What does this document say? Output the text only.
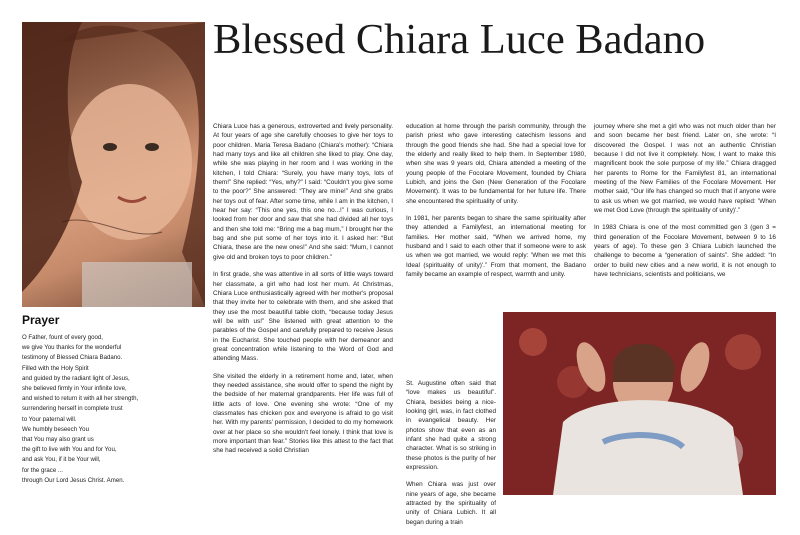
Prayer
O Father, fount of every good,
we give You thanks for the wonderful
testimony of Blessed Chiara Badano.
Filled with the Holy Spirit
and guided by the radiant light of Jesus,
she believed firmly in Your infinite love,
and wished to return it with all her strength,
surrendering herself in complete trust
to Your paternal will.
We humbly beseech You
that You may also grant us
the gift to live with You and for You,
and ask You, if it be Your will,
for the grace ...
through Our Lord Jesus Christ. Amen.
Blessed Chiara Luce Badano

Chiara Luce has a generous, extroverted and lively personality. At four years of age she carefully chooses to give her toys to poor children. Maria Teresa Badano (Chiara's mother): “Chiara had many toys and like all children she liked to play. One day, while she was playing in her room and I was working in the kitchen, I told Chiara: “Surely, you have many toys, lots of them!” She replied: “Yes, why?” I said: “Couldn't you give some to the poor?” She answered: “They are mine!” And she grabs her toys out of fear. After some time, while I am in the kitchen, I hear her say: “This one yes, this one no...!” I was curious, I looked from her door and saw that she had divided all her toys and then she told me: “Bring me a bag mum,” I brought her the bag and she put some of her toys into it. I asked her: “But Chiara, these are the new ones!” And she said: “Mum, I cannot give old and broken toys to poor children.”

In first grade, she was attentive in all sorts of little ways toward her classmate, a girl who had lost her mum. At Christmas, Chiara Luce enthusiastically agreed with her mother's proposal that they invite her to celebrate with them, and she asked that they use the most beautiful table cloth, “because today Jesus will be with us!” She listened with great attention to the parables of the Gospel and carefully prepared to receive Jesus in the Eucharist. She touched people with her demeanor and great concentration while listening to the Word of God and attending Mass.

She visited the elderly in a retirement home and, later, when they needed assistance, she would offer to spend the night by the bedside of her maternal grandparents. Her life was full of little acts of love. One evening she wrote: “One of my classmates has chicken pox and everyone is afraid to go visit her. With my parents' permission, I decided to do my homework over at her place so she wouldn't feel lonely. I think that love is more important than fear.” Stories like this attest to the fact that she had received a solid Christian

education at home through the parish community, through the parish priest who gave interesting catechism lessons and through the good friends she had. She had a special love for the elderly and really liked to help them. In September 1980, when she was 9 years old, Chiara attended a meeting of the young people of the Focolare Movement, founded by Chiara Lubich, and joins the Gen (New Generation of the Focolare Movement). It was to be fundamental for her future life. There she encountered the spirituality of unity.

In 1981, her parents began to share the same spirituality after they attended a Familyfest, an international meeting for families. Her mother said, “When we arrived home, my husband and I said to each other that if someone were to ask us when we got married, we would reply: 'When we met this Ideal (spirituality of unity)'.” From that moment, the Badano family became an example of respect, warmth and unity.

St. Augustine often said that “love makes us beautiful”. Chiara, besides being a nice-looking girl, was, in fact clothed in evangelical beauty. Her photos show that even as an infant she had quite a strong character. What is so striking in these photos is the purity of her expression.

When Chiara was just over nine years of age, she became attracted by the spirituality of unity of Chiara Lubich. It all began during a train

journey where she met a girl who was not much older than her and soon became her best friend. Later on, she wrote: “I discovered the Gospel. I was not an authentic Christian because I did not live it completely. Now, I want to make this magnificent book the sole purpose of my life.” Chiara dragged her parents to Rome for the Familyfest 81, an international meeting of the New Families of the Focolare Movement. Her mother said, “Our life has changed so much that if anyone were to ask us when we got married, we would have replied: 'When we met God Love (through the spirituality of unity)'.”

In 1983 Chiara is one of the most committed gen 3 (gen 3 = third generation of the Focolare Movement, between 9 to 16 years of age). To these gen 3 Chiara Lubich launched the challenge to become a “generation of saints”. She added: “In order to build new cities and a new world, it is not enough to have technicians, scientists and politicians, we
